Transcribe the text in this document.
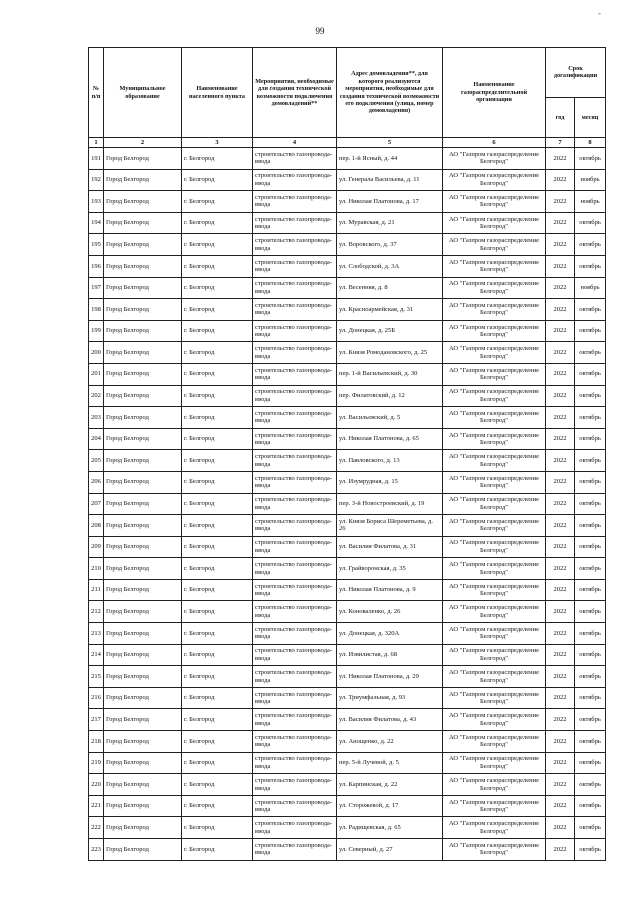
-
99
№ п/п	Муниципальное образование	Наименование населенного пункта	Мероприятия, необходимые для создания технической возможности подключения домовладений**	Адрес домовладения**, для которого реализуются мероприятия, необходимые для создания технической возможности его подключения (улица, номер домовладения)	Наименование газораспределительной организации	Срок догазификации	
						год	месяц
1	2	3	4	5	6	7	8
191	Город Белгород	г. Белгород	строительство газопровода-ввода	пер. 1-й Ясный, д. 44	АО "Газпром газораспределение Белгород"	2022	октябрь
192	Город Белгород	г. Белгород	строительство газопровода-ввода	ул. Генерала Васильева, д. 11	АО "Газпром газораспределение Белгород"	2022	ноябрь
193	Город Белгород	г. Белгород	строительство газопровода-ввода	ул. Николая Платонова, д. 17	АО "Газпром газораспределение Белгород"	2022	ноябрь
194	Город Белгород	г. Белгород	строительство газопровода-ввода	ул. Муравская, д. 21	АО "Газпром газораспределение Белгород"	2022	октябрь
195	Город Белгород	г. Белгород	строительство газопровода-ввода	ул. Воровского, д. 37	АО "Газпром газораспределение Белгород"	2022	октябрь
196	Город Белгород	г. Белгород	строительство газопровода-ввода	ул. Слободской, д. 3А	АО "Газпром газораспределение Белгород"	2022	октябрь
197	Город Белгород	г. Белгород	строительство газопровода-ввода	ул. Весенняя, д. 8	АО "Газпром газораспределение Белгород"	2022	ноябрь
198	Город Белгород	г. Белгород	строительство газопровода-ввода	ул. Красноармейская, д. 31	АО "Газпром газораспределение Белгород"	2022	октябрь
199	Город Белгород	г. Белгород	строительство газопровода-ввода	ул. Донецкая, д. 25Б	АО "Газпром газораспределение Белгород"	2022	октябрь
200	Город Белгород	г. Белгород	строительство газопровода-ввода	ул. Князя Ромодановского, д. 25	АО "Газпром газораспределение Белгород"	2022	октябрь
201	Город Белгород	г. Белгород	строительство газопровода-ввода	пер. 1-й Васильевский, д. 30	АО "Газпром газораспределение Белгород"	2022	октябрь
202	Город Белгород	г. Белгород	строительство газопровода-ввода	пер. Филатовский, д. 12	АО "Газпром газораспределение Белгород"	2022	октябрь
203	Город Белгород	г. Белгород	строительство газопровода-ввода	ул. Васильевский, д. 5	АО "Газпром газораспределение Белгород"	2022	октябрь
204	Город Белгород	г. Белгород	строительство газопровода-ввода	ул. Николая Платонова, д. 65	АО "Газпром газораспределение Белгород"	2022	октябрь
205	Город Белгород	г. Белгород	строительство газопровода-ввода	ул. Павловского, д. 13	АО "Газпром газораспределение Белгород"	2022	октябрь
206	Город Белгород	г. Белгород	строительство газопровода-ввода	ул. Изумрудная, д. 15	АО "Газпром газораспределение Белгород"	2022	октябрь
207	Город Белгород	г. Белгород	строительство газопровода-ввода	пер. 3-й Новостроевский, д. 19	АО "Газпром газораспределение Белгород"	2022	октябрь
208	Город Белгород	г. Белгород	строительство газопровода-ввода	ул. Князя Бориса Шереметьева, д. 26	АО "Газпром газораспределение Белгород"	2022	октябрь
209	Город Белгород	г. Белгород	строительство газопровода-ввода	ул. Василия Филатова, д. 31	АО "Газпром газораспределение Белгород"	2022	октябрь
210	Город Белгород	г. Белгород	строительство газопровода-ввода	ул. Грайворонская, д. 35	АО "Газпром газораспределение Белгород"	2022	октябрь
211	Город Белгород	г. Белгород	строительство газопровода-ввода	ул. Николая Платонова, д. 9	АО "Газпром газораспределение Белгород"	2022	октябрь
212	Город Белгород	г. Белгород	строительство газопровода-ввода	ул. Коноваленко, д. 26	АО "Газпром газораспределение Белгород"	2022	октябрь
213	Город Белгород	г. Белгород	строительство газопровода-ввода	ул. Донецкая, д. 320А	АО "Газпром газораспределение Белгород"	2022	октябрь
214	Город Белгород	г. Белгород	строительство газопровода-ввода	ул. Извилистая, д. 68	АО "Газпром газораспределение Белгород"	2022	октябрь
215	Город Белгород	г. Белгород	строительство газопровода-ввода	ул. Николая Платонова, д. 29	АО "Газпром газораспределение Белгород"	2022	октябрь
216	Город Белгород	г. Белгород	строительство газопровода-ввода	ул. Триумфальная, д. 93	АО "Газпром газораспределение Белгород"	2022	октябрь
217	Город Белгород	г. Белгород	строительство газопровода-ввода	ул. Василия Филатова, д. 43	АО "Газпром газораспределение Белгород"	2022	октябрь
218	Город Белгород	г. Белгород	строительство газопровода-ввода	ул. Анощенко, д. 22	АО "Газпром газораспределение Белгород"	2022	октябрь
219	Город Белгород	г. Белгород	строительство газопровода-ввода	пер. 5-й Лучевой, д. 5	АО "Газпром газораспределение Белгород"	2022	октябрь
220	Город Белгород	г. Белгород	строительство газопровода-ввода	ул. Карпинская, д. 22	АО "Газпром газораспределение Белгород"	2022	октябрь
221	Город Белгород	г. Белгород	строительство газопровода-ввода	ул. Сторожевой, д. 17	АО "Газпром газораспределение Белгород"	2022	октябрь
222	Город Белгород	г. Белгород	строительство газопровода-ввода	ул. Радищевская, д. 65	АО "Газпром газораспределение Белгород"	2022	октябрь
223	Город Белгород	г. Белгород	строительство газопровода-ввода	ул. Северный, д. 27	АО "Газпром газораспределение Белгород"	2022	октябрь
